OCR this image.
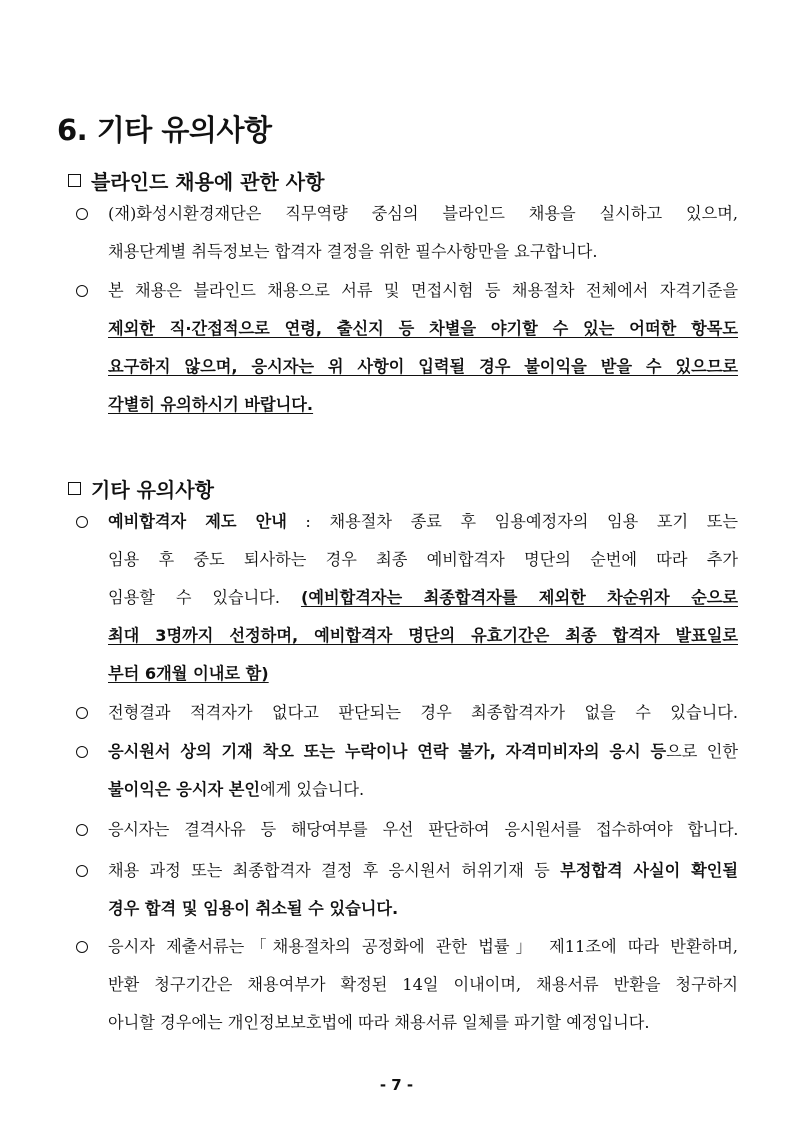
6. 기타 유의사항
블라인드 채용에 관한 사항
(재)화성시환경재단은 직무역량 중심의 블라인드 채용을 실시하고 있으며,
채용단계별 취득정보는 합격자 결정을 위한 필수사항만을 요구합니다.
본 채용은 블라인드 채용으로 서류 및 면접시험 등 채용절차 전체에서 자격기준을
제외한 직·간접적으로 연령, 출신지 등 차별을 야기할 수 있는 어떠한 항목도
요구하지 않으며, 응시자는 위 사항이 입력될 경우 불이익을 받을 수 있으므로
각별히 유의하시기 바랍니다.
기타 유의사항
예비합격자 제도 안내 : 채용절차 종료 후 임용예정자의 임용 포기 또는
임용 후 중도 퇴사하는 경우 최종 예비합격자 명단의 순번에 따라 추가
임용할 수 있습니다. (예비합격자는 최종합격자를 제외한 차순위자 순으로
최대 3명까지 선정하며, 예비합격자 명단의 유효기간은 최종 합격자 발표일로
부터 6개월 이내로 함)
전형결과 적격자가 없다고 판단되는 경우 최종합격자가 없을 수 있습니다.
응시원서 상의 기재 착오 또는 누락이나 연락 불가, 자격미비자의 응시 등으로 인한
불이익은 응시자 본인에게 있습니다.
응시자는 결격사유 등 해당여부를 우선 판단하여 응시원서를 접수하여야 합니다.
채용 과정 또는 최종합격자 결정 후 응시원서 허위기재 등 부정합격 사실이 확인될
경우 합격 및 임용이 취소될 수 있습니다.
응시자 제출서류는「채용절차의 공정화에 관한 법률」 제11조에 따라 반환하며,
반환 청구기간은 채용여부가 확정된 14일 이내이며, 채용서류 반환을 청구하지
아니할 경우에는 개인정보보호법에 따라 채용서류 일체를 파기할 예정입니다.
- 7 -
